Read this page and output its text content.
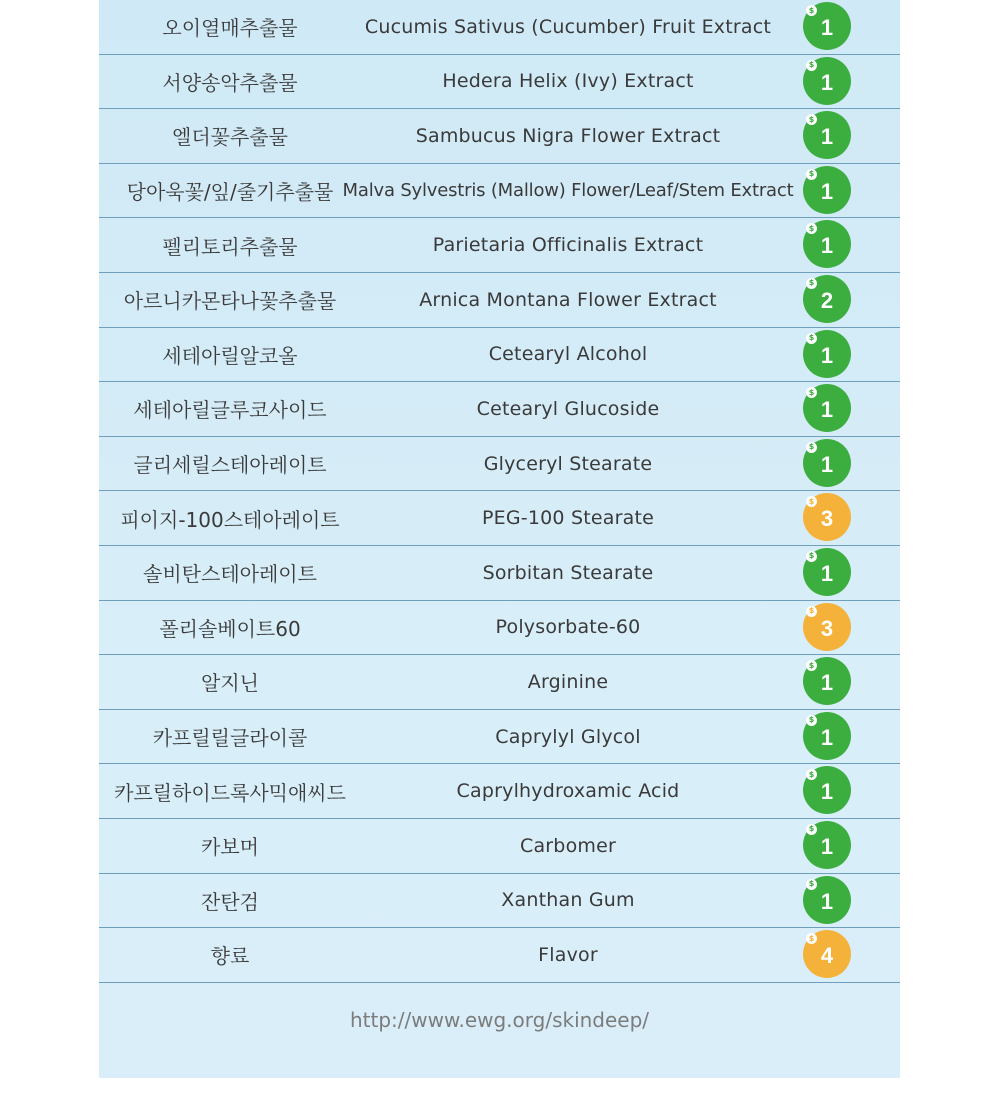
오이열매추출물	Cucumis Sativus (Cucumber) Fruit Extract
$
1
서양송악추출물	Hedera Helix (Ivy) Extract
$
1
엘더꽃추출물	Sambucus Nigra Flower Extract
$
1
당아욱꽃/잎/줄기추출물 Malva Sylvestris (Mallow) Flower/Leaf/Stem Extract
$
1
펠리토리추출물	Parietaria Officinalis Extract
$
1
아르니카몬타나꽃추출물	Arnica Montana Flower Extract
$
2
세테아릴알코올	Cetearyl Alcohol
$
1
세테아릴글루코사이드	Cetearyl Glucoside
$
1
글리세릴스테아레이트	Glyceryl Stearate
$
1
피이지-100스테아레이트	PEG-100 Stearate
$
3
솔비탄스테아레이트	Sorbitan Stearate
$
1
폴리솔베이트60	Polysorbate-60
$
3
알지닌	Arginine
$
1
카프릴릴글라이콜	Caprylyl Glycol
$
1
카프릴하이드록사믹애씨드	Caprylhydroxamic Acid
$
1
카보머	Carbomer
$
1
잔탄검	Xanthan Gum
$
1
향료	Flavor
$
4
http://www.ewg.org/skindeep/
